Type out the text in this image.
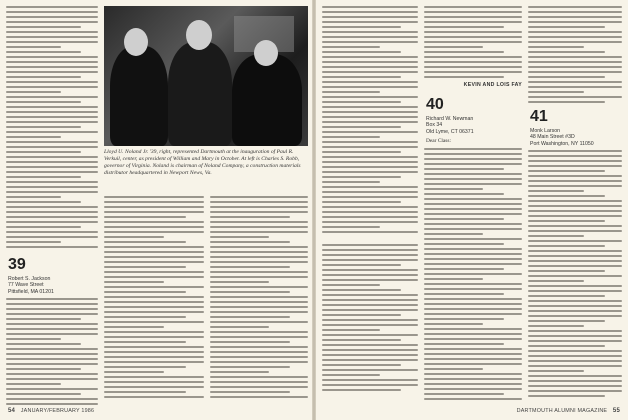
Lloyd U. Noland Jr. '39, right, represented Dartmouth at the inauguration of Paul R. Verkuil, center, as president of William and Mary in October. At left is Charles S. Robb, governor of Virginia. Noland is chairman of Noland Company, a construction materials distributor headquartered in Newport News, Va.
39
Robert S. Jackson
77 Wave Street
Pittsfield, MA 01201
54 JANUARY/FEBRUARY 1986
KEVIN AND LOIS FAY
40
Richard W. Newman
Box 34
Old Lyme, CT 06371
Dear Class:
41
Monk Larson
48 Main Street #3D
Port Washington, NY 11050
DARTMOUTH ALUMNI MAGAZINE 55
